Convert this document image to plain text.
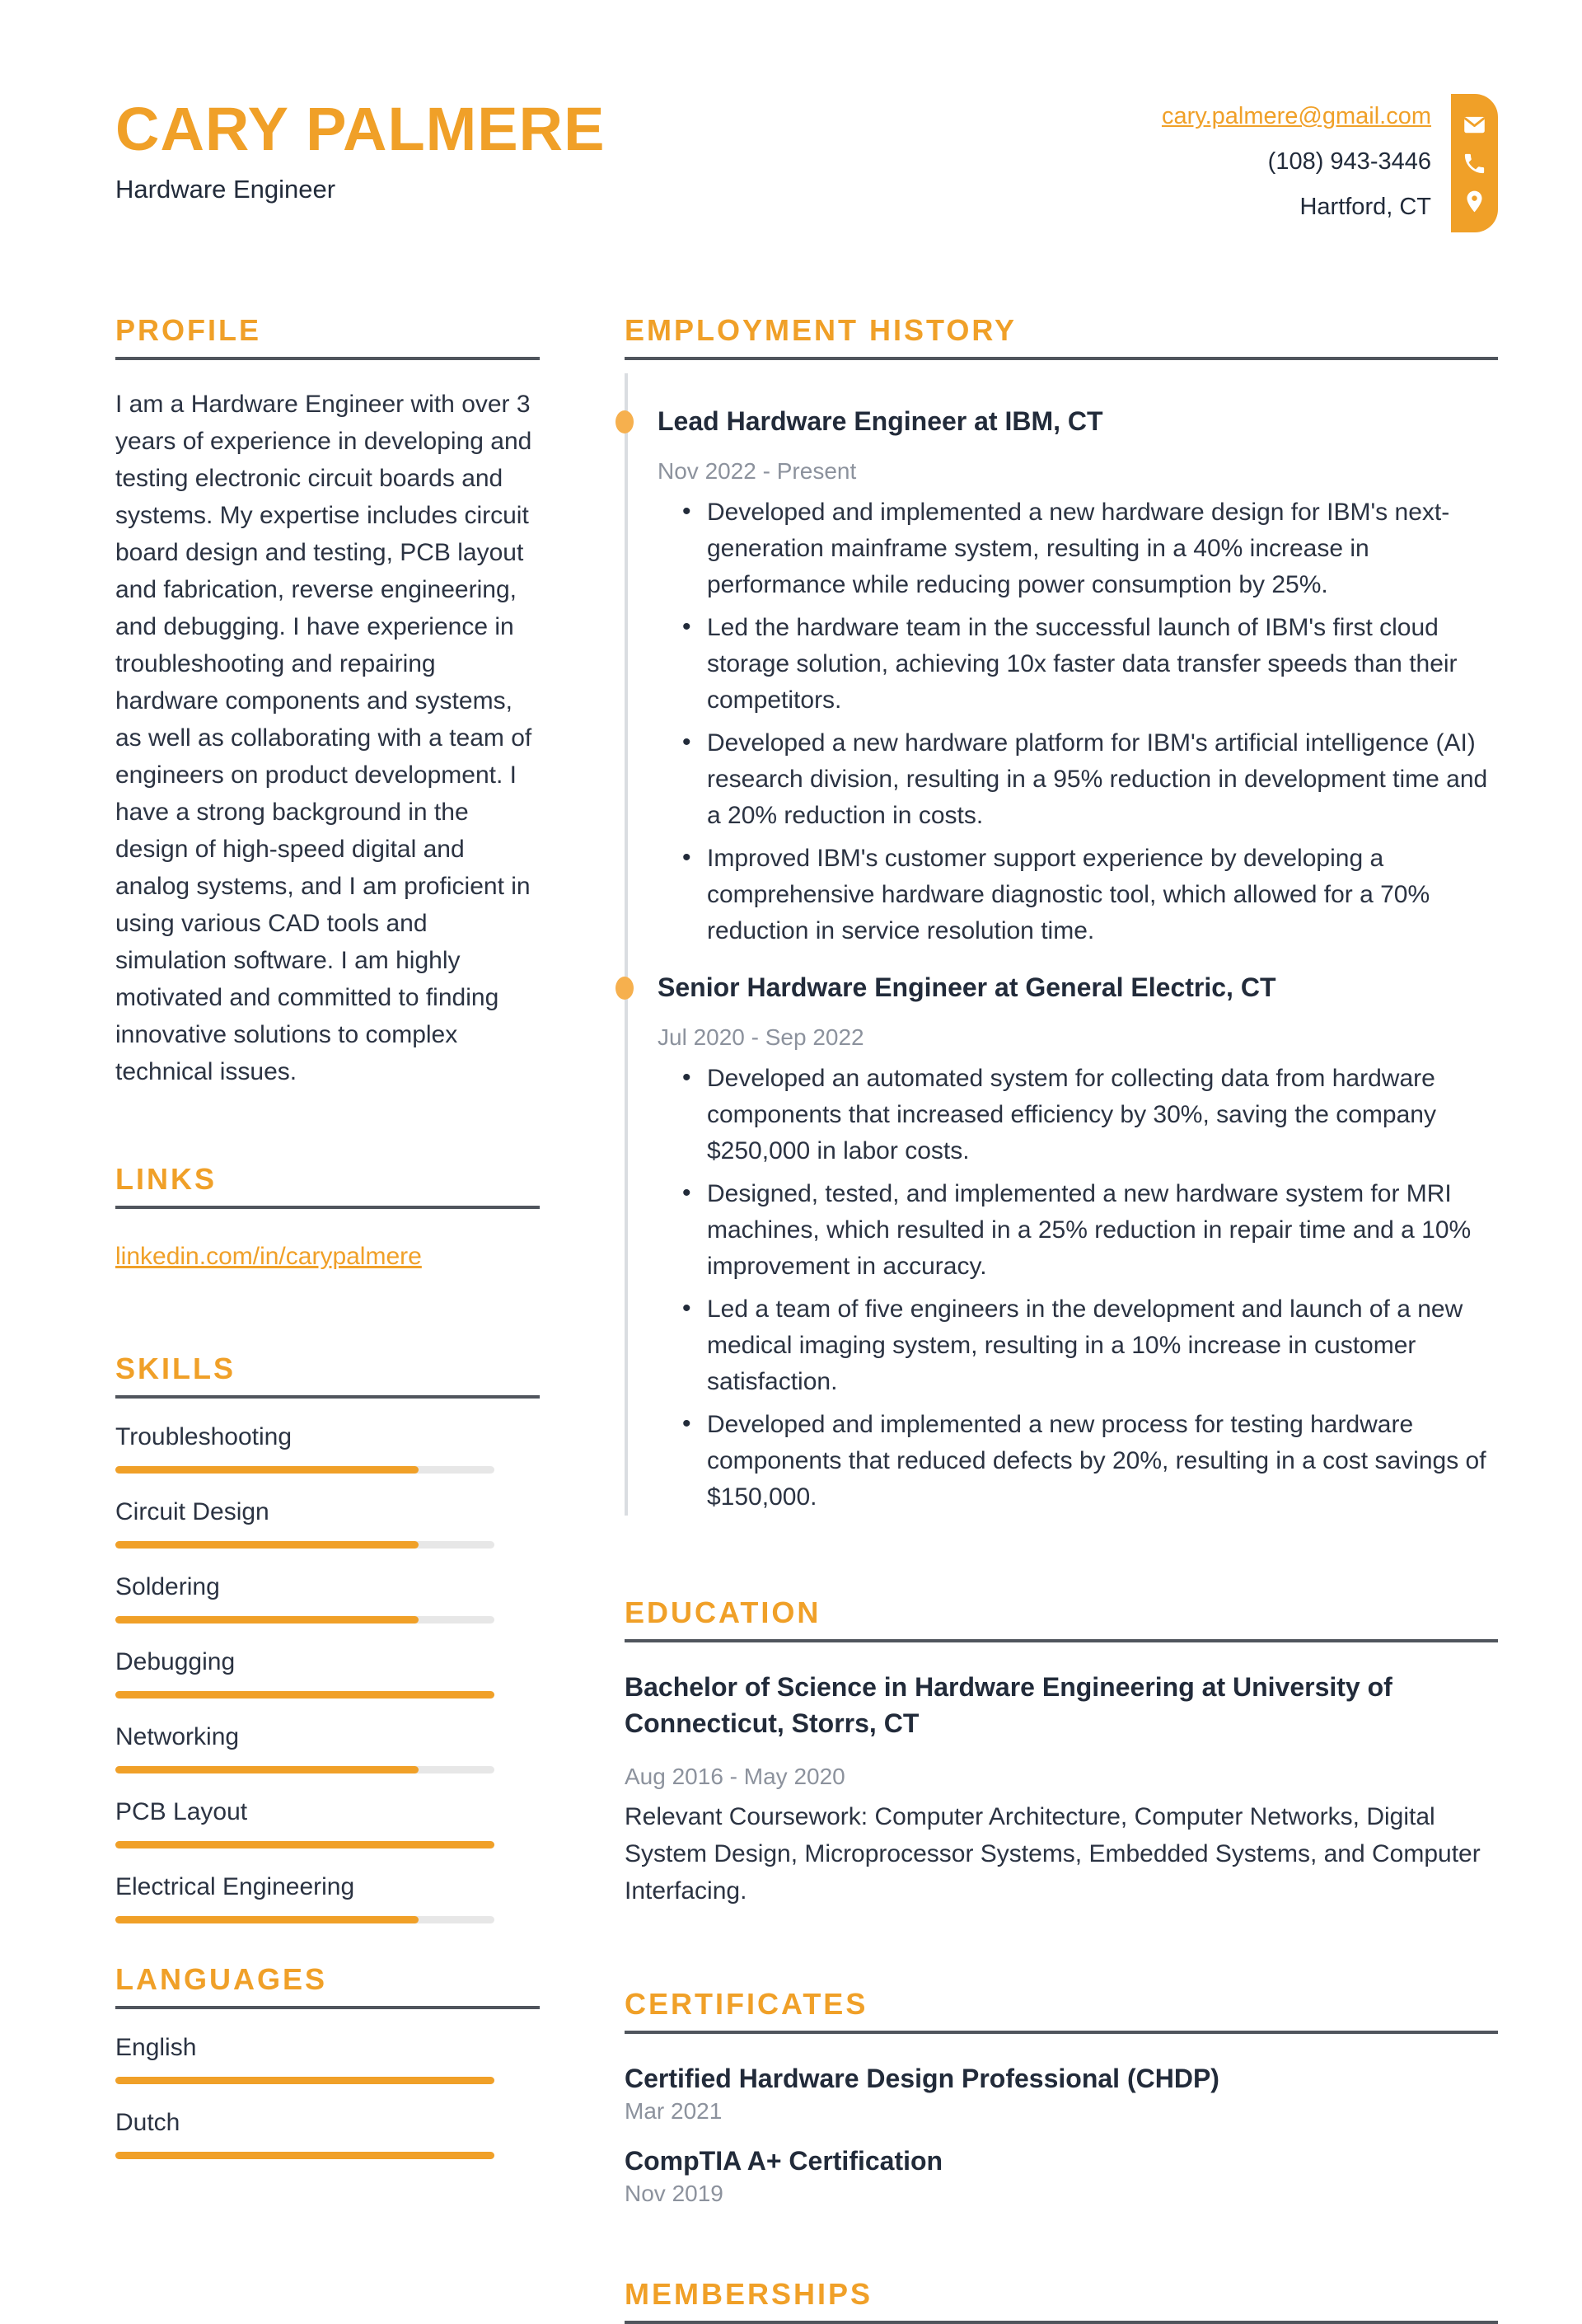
CARY PALMERE
Hardware Engineer
cary.palmere@gmail.com
(108) 943-3446
Hartford, CT
PROFILE

I am a Hardware Engineer with over 3 years of experience in developing and testing electronic circuit boards and systems. My expertise includes circuit board design and testing, PCB layout and fabrication, reverse engineering, and debugging. I have experience in troubleshooting and repairing hardware components and systems, as well as collaborating with a team of engineers on product development. I have a strong background in the design of high-speed digital and analog systems, and I am proficient in using various CAD tools and simulation software. I am highly motivated and committed to finding innovative solutions to complex technical issues.

LINKS
linkedin.com/in/carypalmere
SKILLS
Troubleshooting
Circuit Design
Soldering
Debugging
Networking
PCB Layout
Electrical Engineering
LANGUAGES
English
Dutch
EMPLOYMENT HISTORY
Lead Hardware Engineer at IBM, CT
Nov 2022 - Present
• Developed and implemented a new hardware design for IBM's next-generation mainframe system, resulting in a 40% increase in performance while reducing power consumption by 25%.
• Led the hardware team in the successful launch of IBM's first cloud storage solution, achieving 10x faster data transfer speeds than their competitors.
• Developed a new hardware platform for IBM's artificial intelligence (AI) research division, resulting in a 95% reduction in development time and a 20% reduction in costs.
• Improved IBM's customer support experience by developing a comprehensive hardware diagnostic tool, which allowed for a 70% reduction in service resolution time.
Senior Hardware Engineer at General Electric, CT
Jul 2020 - Sep 2022
• Developed an automated system for collecting data from hardware components that increased efficiency by 30%, saving the company $250,000 in labor costs.
• Designed, tested, and implemented a new hardware system for MRI machines, which resulted in a 25% reduction in repair time and a 10% improvement in accuracy.
• Led a team of five engineers in the development and launch of a new medical imaging system, resulting in a 10% increase in customer satisfaction.
• Developed and implemented a new process for testing hardware components that reduced defects by 20%, resulting in a cost savings of $150,000.
EDUCATION
Bachelor of Science in Hardware Engineering at University of Connecticut, Storrs, CT
Aug 2016 - May 2020

Relevant Coursework: Computer Architecture, Computer Networks, Digital System Design, Microprocessor Systems, Embedded Systems, and Computer Interfacing.

CERTIFICATES
Certified Hardware Design Professional (CHDP)
Mar 2021
CompTIA A+ Certification
Nov 2019
MEMBERSHIPS
